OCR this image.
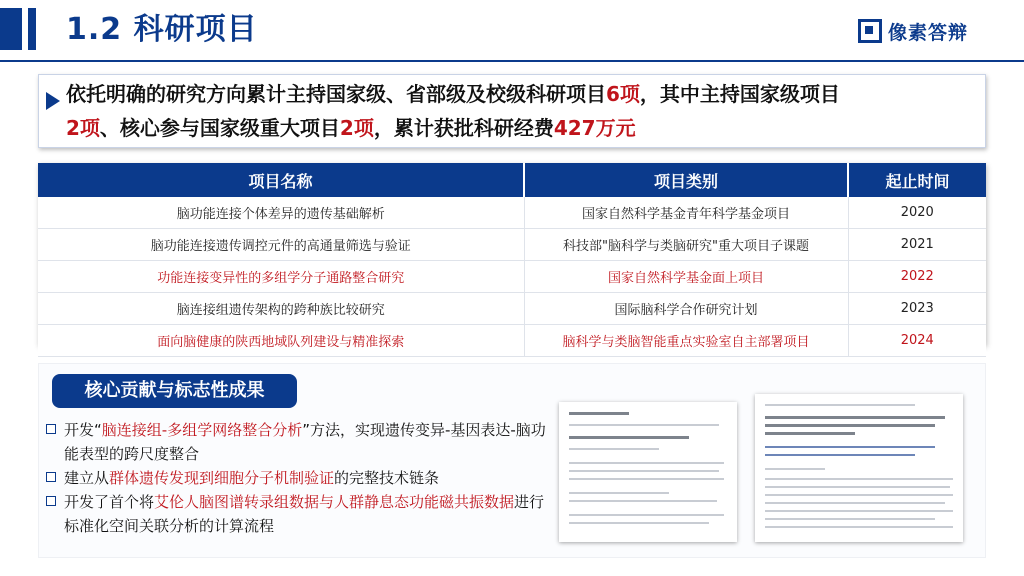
1.2 科研项目	像素答辩
依托明确的研究方向累计主持国家级、省部级及校级科研项目6项，其中主持国家级项目
2项、核心参与国家级重大项目2项，累计获批科研经费427万元
项目名称	项目类别	起止时间
脑功能连接个体差异的遗传基础解析	国家自然科学基金青年科学基金项目	2020
脑功能连接遗传调控元件的高通量筛选与验证	科技部"脑科学与类脑研究"重大项目子课题	2021
功能连接变异性的多组学分子通路整合研究	国家自然科学基金面上项目	2022
脑连接组遗传架构的跨种族比较研究	国际脑科学合作研究计划	2023
面向脑健康的陕西地域队列建设与精准探索	脑科学与类脑智能重点实验室自主部署项目	2024
核心贡献与标志性成果

开发“脑连接组-多组学网络整合分析”方法，实现遗传变异-基因表达-脑功能表型的跨尺度整合

建立从群体遗传发现到细胞分子机制验证的完整技术链条

开发了首个将艾伦人脑图谱转录组数据与人群静息态功能磁共振数据进行标准化空间关联分析的计算流程
